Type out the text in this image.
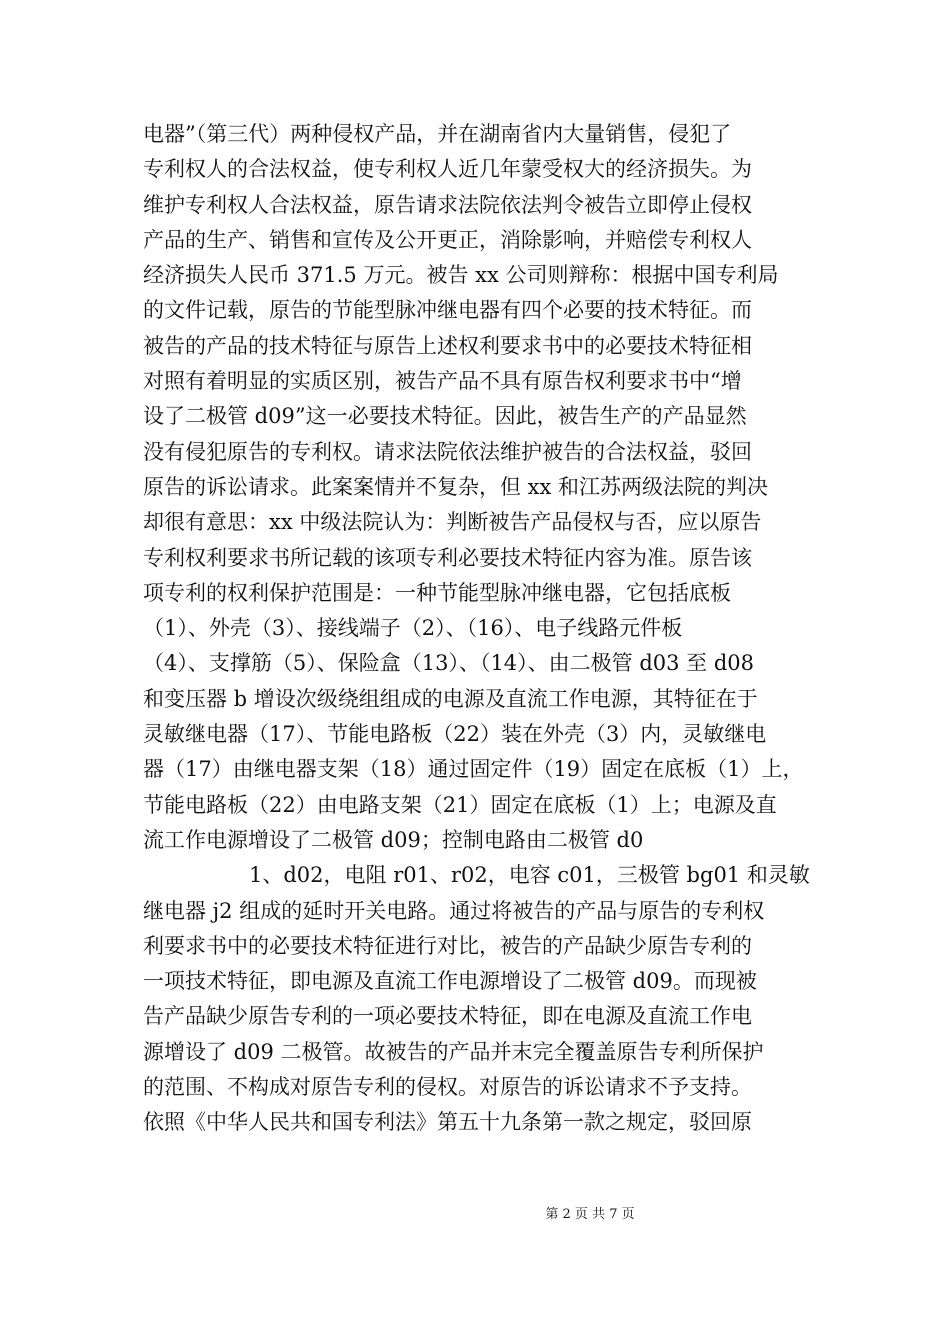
电器”（第三代）两种侵权产品，并在湖南省内大量销售，侵犯了
专利权人的合法权益，使专利权人近几年蒙受权大的经济损失。为
维护专利权人合法权益，原告请求法院依法判令被告立即停止侵权
产品的生产、销售和宣传及公开更正，消除影响，并赔偿专利权人
经济损失人民币 371.5 万元。被告 xx 公司则辩称：根据中国专利局
的文件记载，原告的节能型脉冲继电器有四个必要的技术特征。而
被告的产品的技术特征与原告上述权利要求书中的必要技术特征相
对照有着明显的实质区别，被告产品不具有原告权利要求书中“增
设了二极管 d09”这一必要技术特征。因此，被告生产的产品显然
没有侵犯原告的专利权。请求法院依法维护被告的合法权益，驳回
原告的诉讼请求。此案案情并不复杂，但 xx 和江苏两级法院的判决
却很有意思：xx 中级法院认为：判断被告产品侵权与否，应以原告
专利权利要求书所记载的该项专利必要技术特征内容为准。原告该
项专利的权利保护范围是：一种节能型脉冲继电器，它包括底板
（1）、外壳（3）、接线端子（2）、（16）、电子线路元件板
（4）、支撑筋（5）、保险盒（13）、（14）、由二极管 d03 至 d08
和变压器 b 增设次级绕组组成的电源及直流工作电源，其特征在于
灵敏继电器（17）、节能电路板（22）装在外壳（3）内，灵敏继电
器（17）由继电器支架（18）通过固定件（19）固定在底板（1）上，
节能电路板（22）由电路支架（21）固定在底板（1）上；电源及直
流工作电源增设了二极管 d09；控制电路由二极管 d0
1、d02，电阻 r01、r02，电容 c01，三极管 bg01 和灵敏
继电器 j2 组成的延时开关电路。通过将被告的产品与原告的专利权
利要求书中的必要技术特征进行对比，被告的产品缺少原告专利的
一项技术特征，即电源及直流工作电源增设了二极管 d09。而现被
告产品缺少原告专利的一项必要技术特征，即在电源及直流工作电
源增设了 d09 二极管。故被告的产品并末完全覆盖原告专利所保护
的范围、不构成对原告专利的侵权。对原告的诉讼请求不予支持。
依照《中华人民共和国专利法》第五十九条第一款之规定，驳回原
第 2 页 共 7 页
